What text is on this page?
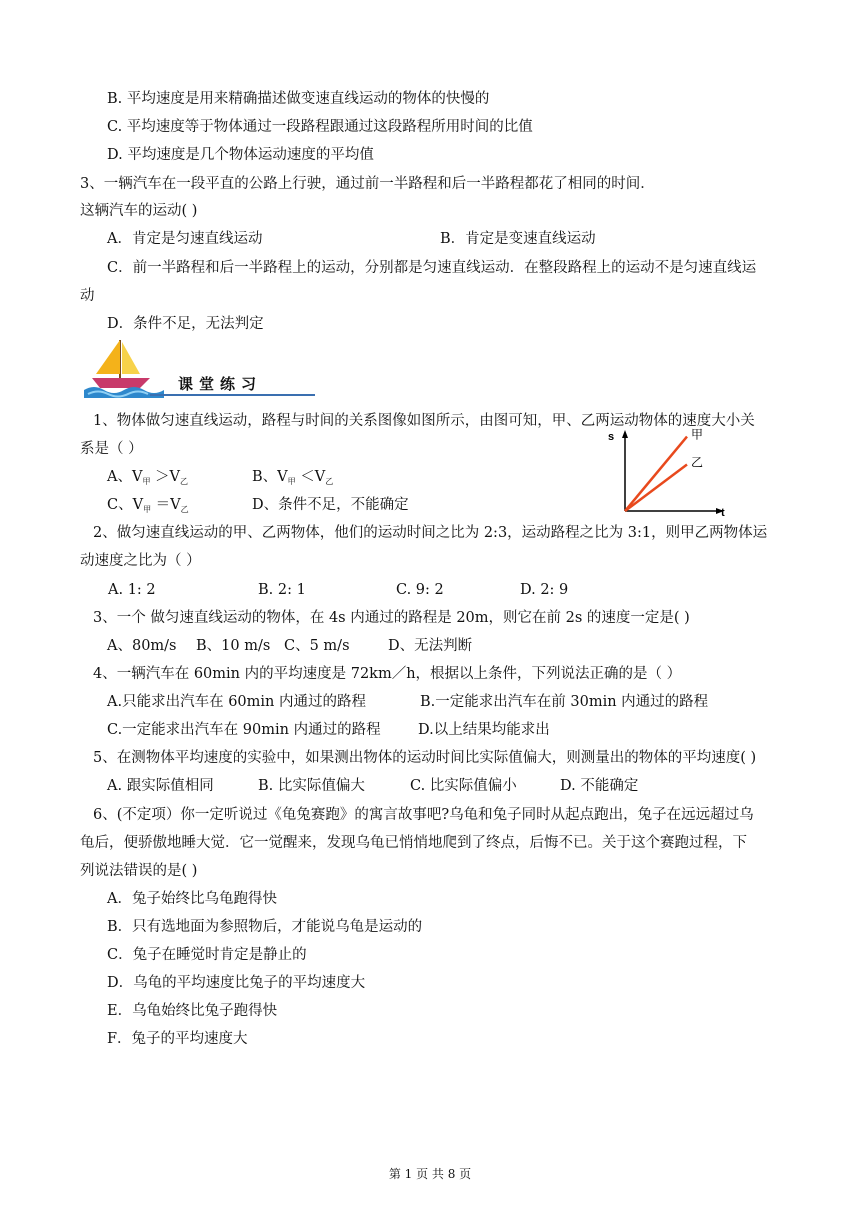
B. 平均速度是用来精确描述做变速直线运动的物体的快慢的
C. 平均速度等于物体通过一段路程跟通过这段路程所用时间的比值
D. 平均速度是几个物体运动速度的平均值
3、一辆汽车在一段平直的公路上行驶，通过前一半路程和后一半路程都花了相同的时间．
这辆汽车的运动( )
A．肯定是匀速直线运动	B．肯定是变速直线运动
C．前一半路程和后一半路程上的运动，分别都是匀速直线运动．在整段路程上的运动不是匀速直线运
动
D．条件不足，无法判定
课堂练习
1、物体做匀速直线运动，路程与时间的关系图像如图所示，由图可知，甲、乙两运动物体的速度大小关
系是（ ）
A、$V_甲 >V_乙$	B、$V_甲 <V_乙$
C、$V_甲 =V_乙$	D、条件不足，不能确定
s
t
甲
乙
2、做匀速直线运动的甲、乙两物体，他们的运动时间之比为 2:3，运动路程之比为 3:1，则甲乙两物体运
动速度之比为（ ）
A. 1: 2	B. 2: 1	C. 9: 2	D. 2: 9
3、一个 做匀速直线运动的物体，在 4s 内通过的路程是 20m，则它在前 2s 的速度一定是( )
A、80m/s B、10 m/s C、5 m/s	D、无法判断
4、一辆汽车在 60min 内的平均速度是 72km／h，根据以上条件，下列说法正确的是（ ）
A.只能求出汽车在 60min 内通过的路程	B.一定能求出汽车在前 30min 内通过的路程
C.一定能求出汽车在 90min 内通过的路程	D.以上结果均能求出
5、在测物体平均速度的实验中，如果测出物体的运动时间比实际值偏大，则测量出的物体的平均速度( )
A. 跟实际值相同	B. 比实际值偏大	C. 比实际值偏小	D. 不能确定
6、(不定项）你一定听说过《龟兔赛跑》的寓言故事吧?乌龟和兔子同时从起点跑出，兔子在远远超过乌
龟后，便骄傲地睡大觉．它一觉醒来，发现乌龟已悄悄地爬到了终点，后悔不已。关于这个赛跑过程，下
列说法错误的是( )
A．兔子始终比乌龟跑得快
B．只有选地面为参照物后，才能说乌龟是运动的
C．兔子在睡觉时肯定是静止的
D．乌龟的平均速度比兔子的平均速度大
E．乌龟始终比兔子跑得快
F．兔子的平均速度大
第 1 页 共 8 页
